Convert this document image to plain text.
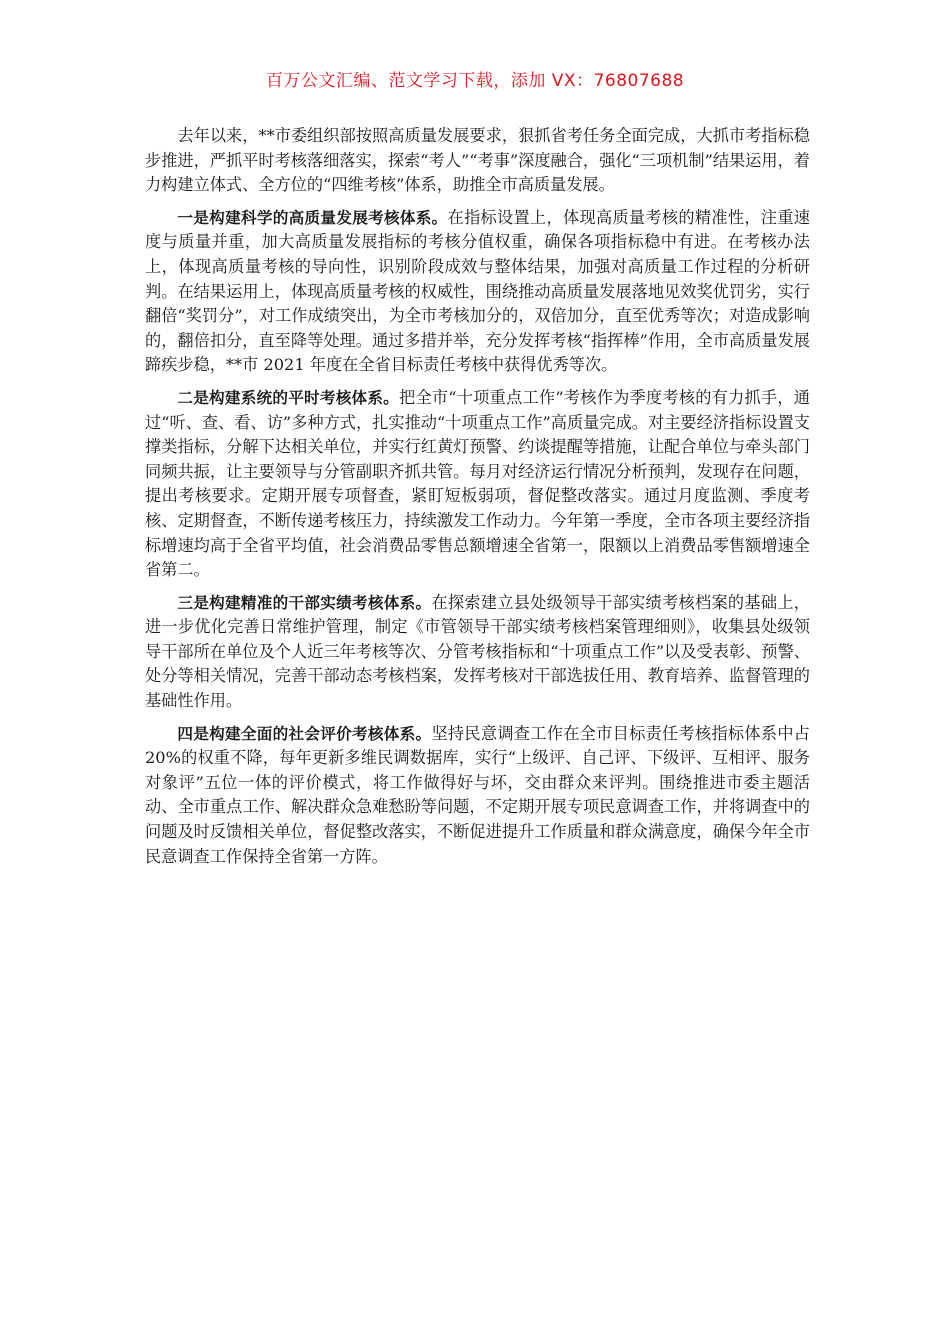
百万公文汇编、范文学习下载，添加 VX：76807688

去年以来，**市委组织部按照高质量发展要求，狠抓省考任务全面完成，大抓市考指标稳步推进，严抓平时考核落细落实，探索“考人”“考事”深度融合，强化“三项机制”结果运用，着力构建立体式、全方位的“四维考核”体系，助推全市高质量发展。

一是构建科学的高质量发展考核体系。在指标设置上，体现高质量考核的精准性，注重速度与质量并重，加大高质量发展指标的考核分值权重，确保各项指标稳中有进。在考核办法上，体现高质量考核的导向性，识别阶段成效与整体结果，加强对高质量工作过程的分析研判。在结果运用上，体现高质量考核的权威性，围绕推动高质量发展落地见效奖优罚劣，实行翻倍“奖罚分”，对工作成绩突出，为全市考核加分的，双倍加分，直至优秀等次；对造成影响的，翻倍扣分，直至降等处理。通过多措并举，充分发挥考核“指挥棒”作用，全市高质量发展蹄疾步稳，**市 2021 年度在全省目标责任考核中获得优秀等次。

二是构建系统的平时考核体系。把全市“十项重点工作”考核作为季度考核的有力抓手，通过“听、查、看、访”多种方式，扎实推动“十项重点工作”高质量完成。对主要经济指标设置支撑类指标，分解下达相关单位，并实行红黄灯预警、约谈提醒等措施，让配合单位与牵头部门同频共振，让主要领导与分管副职齐抓共管。每月对经济运行情况分析预判，发现存在问题，提出考核要求。定期开展专项督查，紧盯短板弱项，督促整改落实。通过月度监测、季度考核、定期督查，不断传递考核压力，持续激发工作动力。今年第一季度，全市各项主要经济指标增速均高于全省平均值，社会消费品零售总额增速全省第一，限额以上消费品零售额增速全省第二。

三是构建精准的干部实绩考核体系。在探索建立县处级领导干部实绩考核档案的基础上，进一步优化完善日常维护管理，制定《市管领导干部实绩考核档案管理细则》，收集县处级领导干部所在单位及个人近三年考核等次、分管考核指标和“十项重点工作”以及受表彰、预警、处分等相关情况，完善干部动态考核档案，发挥考核对干部选拔任用、教育培养、监督管理的基础性作用。

四是构建全面的社会评价考核体系。坚持民意调查工作在全市目标责任考核指标体系中占 20%的权重不降，每年更新多维民调数据库，实行“上级评、自己评、下级评、互相评、服务对象评”五位一体的评价模式，将工作做得好与坏，交由群众来评判。围绕推进市委主题活动、全市重点工作、解决群众急难愁盼等问题，不定期开展专项民意调查工作，并将调查中的问题及时反馈相关单位，督促整改落实，不断促进提升工作质量和群众满意度，确保今年全市民意调查工作保持全省第一方阵。
